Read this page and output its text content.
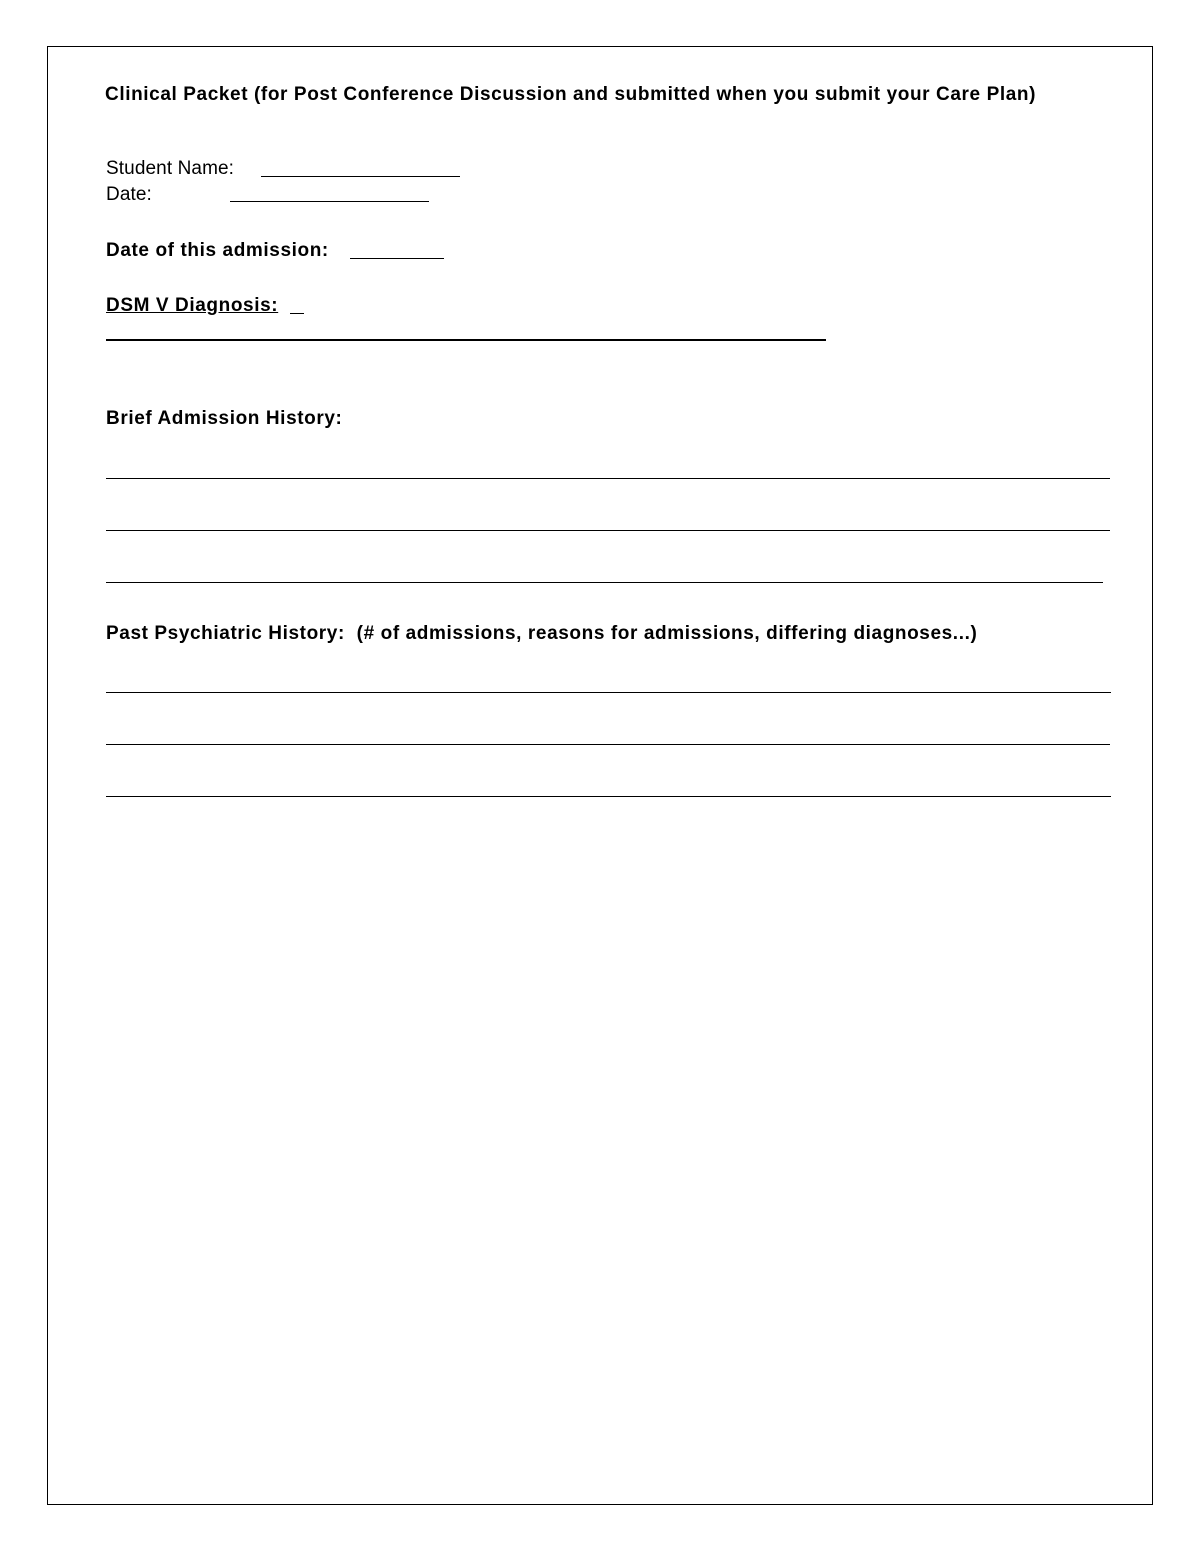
Clinical Packet (for Post Conference Discussion and submitted when you submit your Care Plan)
Student Name:
Date:
Date of this admission:
DSM V Diagnosis:
Brief Admission History:
Past Psychiatric History: (# of admissions, reasons for admissions, differing diagnoses...)
